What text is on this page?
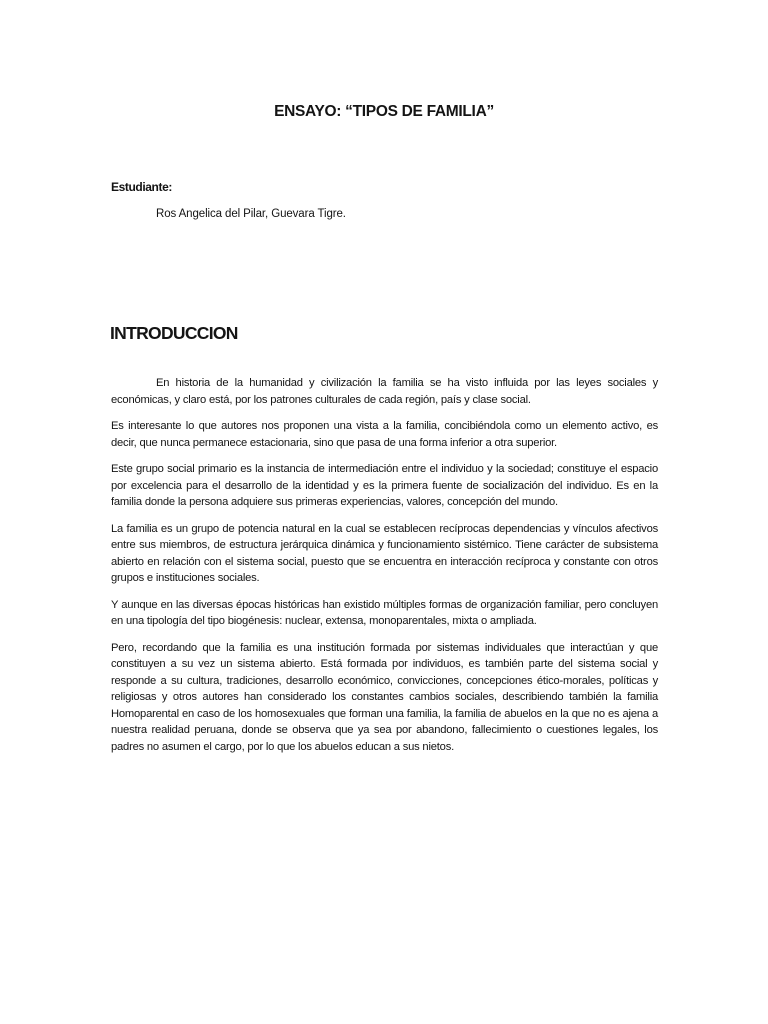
ENSAYO: “TIPOS DE FAMILIA”

Estudiante:

Ros Angelica del Pilar, Guevara Tigre.

INTRODUCCION

En historia de la humanidad y civilización la familia se ha visto influida por las leyes sociales y económicas, y claro está, por los patrones culturales de cada región, país y clase social.

Es interesante lo que autores nos proponen una vista a la familia, concibiéndola como un elemento activo, es decir, que nunca permanece estacionaria, sino que pasa de una forma inferior a otra superior.

Este grupo social primario es la instancia de intermediación entre el individuo y la sociedad; constituye el espacio por excelencia para el desarrollo de la identidad y es la primera fuente de socialización del individuo. Es en la familia donde la persona adquiere sus primeras experiencias, valores, concepción del mundo.

La familia es un grupo de potencia natural en la cual se establecen recíprocas dependencias y vínculos afectivos entre sus miembros, de estructura jerárquica dinámica y funcionamiento sistémico. Tiene carácter de subsistema abierto en relación con el sistema social, puesto que se encuentra en interacción recíproca y constante con otros grupos e instituciones sociales.

Y aunque en las diversas épocas históricas han existido múltiples formas de organización familiar, pero concluyen en una tipología del tipo biogénesis: nuclear, extensa, monoparentales, mixta o ampliada.

Pero, recordando que la familia es una institución formada por sistemas individuales que interactúan y que constituyen a su vez un sistema abierto. Está formada por individuos, es también parte del sistema social y responde a su cultura, tradiciones, desarrollo económico, convicciones, concepciones ético-morales, políticas y religiosas y otros autores han considerado los constantes cambios sociales, describiendo también la familia Homoparental en caso de los homosexuales que forman una familia, la familia de abuelos en la que no es ajena a nuestra realidad peruana, donde se observa que ya sea por abandono, fallecimiento o cuestiones legales, los padres no asumen el cargo, por lo que los abuelos educan a sus nietos.
